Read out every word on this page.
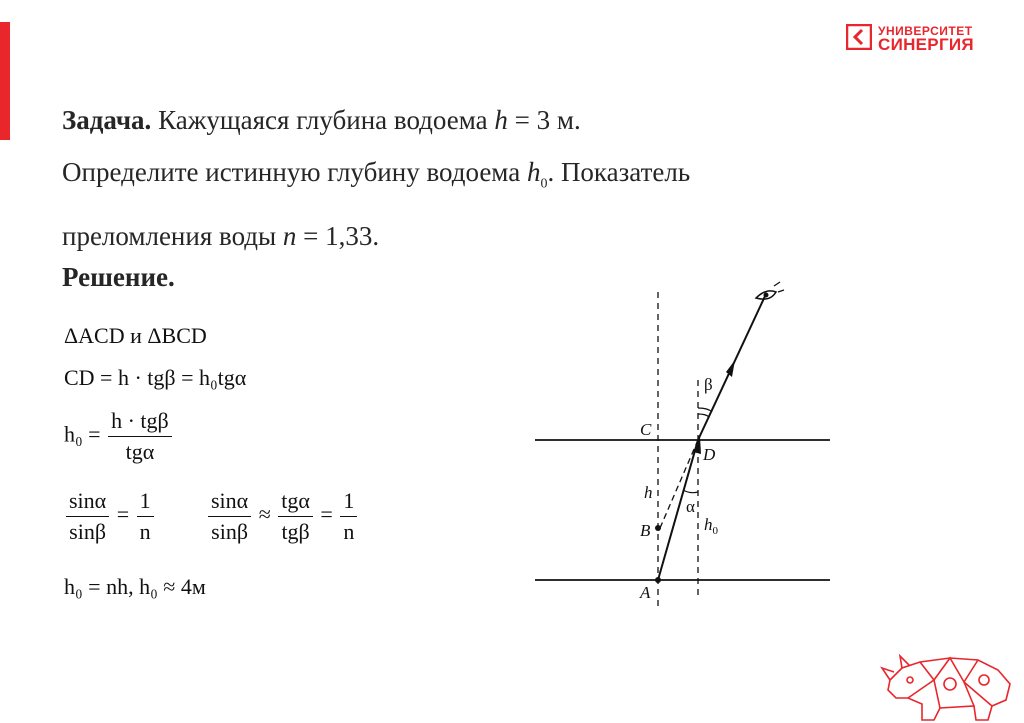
УНИВЕРСИТЕТ
СИНЕРГИЯ
Задача. Кажущаяся глубина водоема h = 3 м.
Определите истинную глубину водоема $h_0$. Показатель
преломления воды n = 1,33.
Решение.
ΔACD и ΔBCD
CD = h · tgβ = h₀tgα
$h_0 = \frac{\text{h · tgβ}}{\text{tgα}}$
$\frac{\sin\alpha}{\sin\beta} = \frac{1}{n} \frac{\sin\alpha}{\sin\beta} \approx \frac{\text{tgα}}{\text{tgβ}} = \frac{1}{n}$
h₀ = nh, h₀ ≈ 4м
C
D
B
A
h
$h_0$
α
β
